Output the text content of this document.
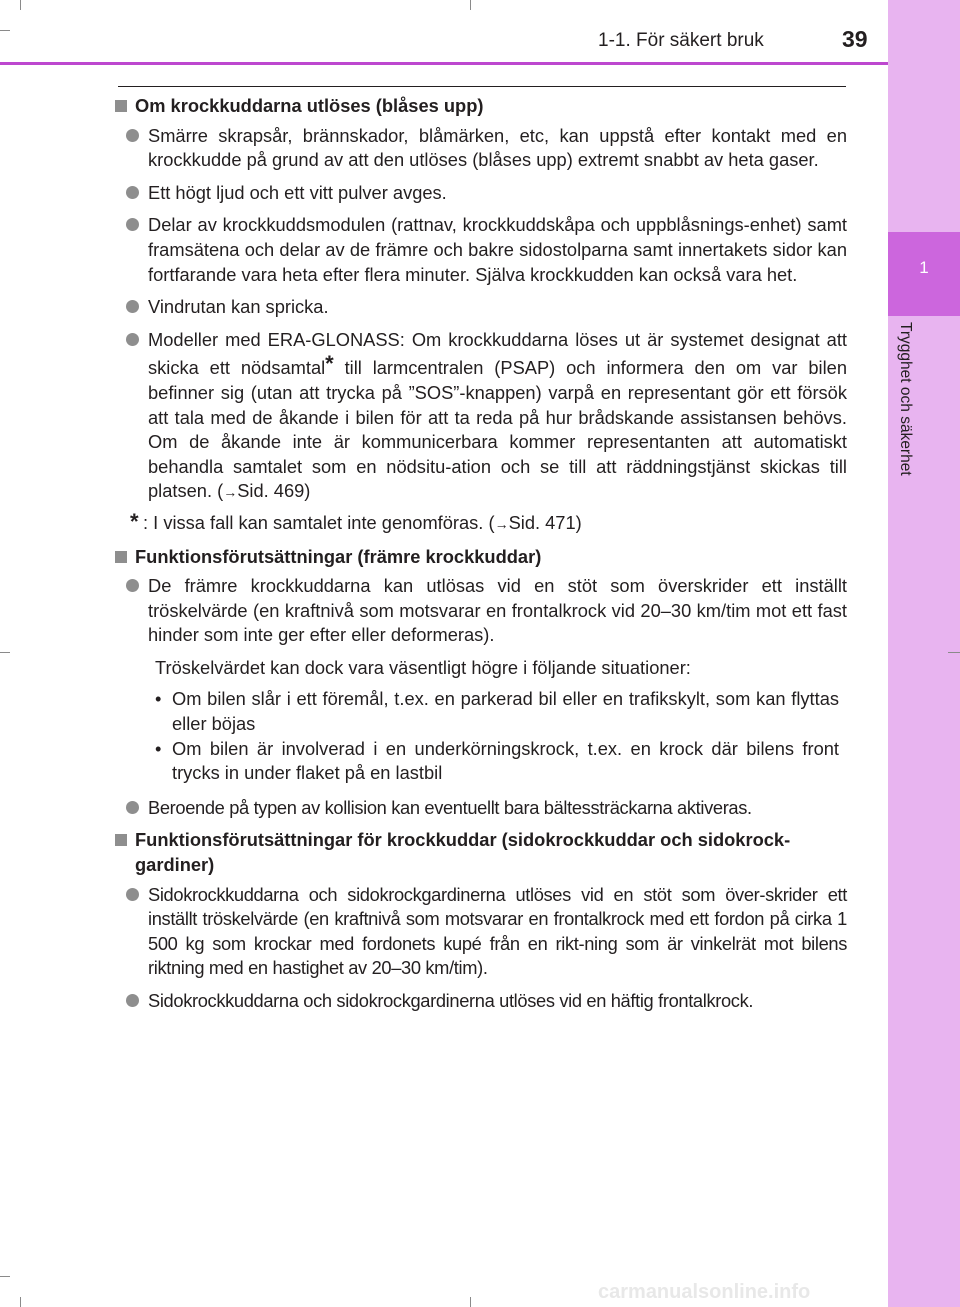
1
Trygghet och säkerhet
1-1. För säkert bruk	39
Om krockkuddarna utlöses (blåses upp)
Smärre skrapsår, brännskador, blåmärken, etc, kan uppstå efter kontakt med en krockkudde på grund av att den utlöses (blåses upp) extremt snabbt av heta gaser.
Ett högt ljud och ett vitt pulver avges.
Delar av krockkuddsmodulen (rattnav, krockkuddskåpa och uppblåsnings-enhet) samt framsätena och delar av de främre och bakre sidostolparna samt innertakets sidor kan fortfarande vara heta efter flera minuter. Själva krockkudden kan också vara het.
Vindrutan kan spricka.
Modeller med ERA-GLONASS: Om krockkuddarna löses ut är systemet designat att skicka ett nödsamtal* till larmcentralen (PSAP) och informera den om var bilen befinner sig (utan att trycka på ”SOS”-knappen) varpå en representant gör ett försök att tala med de åkande i bilen för att ta reda på hur brådskande assistansen behövs. Om de åkande inte är kommunicerbara kommer representanten att automatiskt behandla samtalet som en nödsitu-ation och se till att räddningstjänst skickas till platsen. (→Sid. 469)
* : I vissa fall kan samtalet inte genomföras. (→Sid. 471)
Funktionsförutsättningar (främre krockkuddar)
De främre krockkuddarna kan utlösas vid en stöt som överskrider ett inställt tröskelvärde (en kraftnivå som motsvarar en frontalkrock vid 20–30 km/tim mot ett fast hinder som inte ger efter eller deformeras).
Tröskelvärdet kan dock vara väsentligt högre i följande situationer:
• Om bilen slår i ett föremål, t.ex. en parkerad bil eller en trafikskylt, som kan flyttas eller böjas
• Om bilen är involverad i en underkörningskrock, t.ex. en krock där bilens front trycks in under flaket på en lastbil
Beroende på typen av kollision kan eventuellt bara bältessträckarna aktiveras.
Funktionsförutsättningar för krockkuddar (sidokrockkuddar och sidokrock-gardiner)
Sidokrockkuddarna och sidokrockgardinerna utlöses vid en stöt som över-skrider ett inställt tröskelvärde (en kraftnivå som motsvarar en frontalkrock med ett fordon på cirka 1 500 kg som krockar med fordonets kupé från en rikt-ning som är vinkelrät mot bilens riktning med en hastighet av 20–30 km/tim).
Sidokrockkuddarna och sidokrockgardinerna utlöses vid en häftig frontalkrock.
carmanualsonline.info
